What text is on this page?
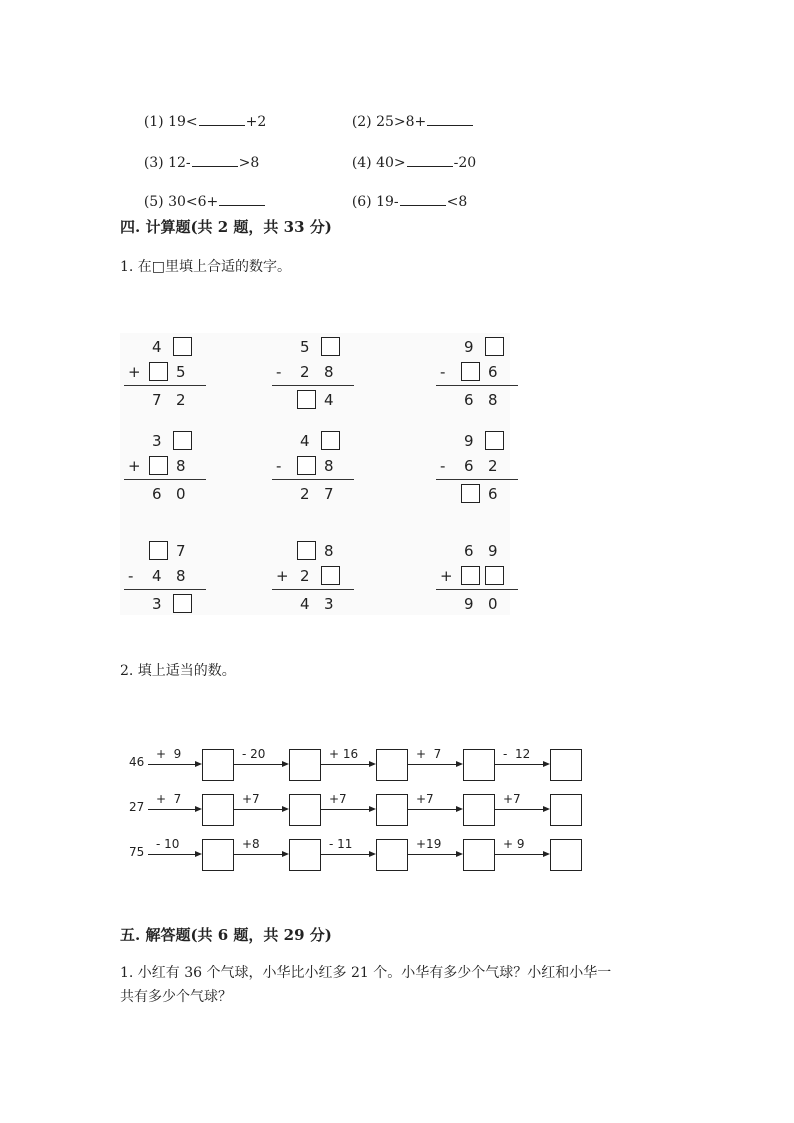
(1) 19<	+2
	(2) 25>8+

(3) 12-	>8
	(4) 40>	-20

(5) 30<6+
	(6) 19-	<8

四. 计算题(共 2 题，共 33 分)
1. 在□里填上合适的数字。
4
+ 5
7 2
5
- 2 8
4
9
-	6
6 8
3
+ 8
6 0
4
-	8
2 7
9
- 6 2
6
7
- 4 8
3
8
+ 2
4 3
6 9
+
9 0
2. 填上适当的数。
46
+  9	- 20	+ 16	+  7	-  12
27
+  7	+7	+7	+7	+7
75
- 10	+8	- 11	+19	+ 9
五. 解答题(共 6 题，共 29 分)
1. 小红有 36 个气球，小华比小红多 21 个。小华有多少个气球？小红和小华一
共有多少个气球？
